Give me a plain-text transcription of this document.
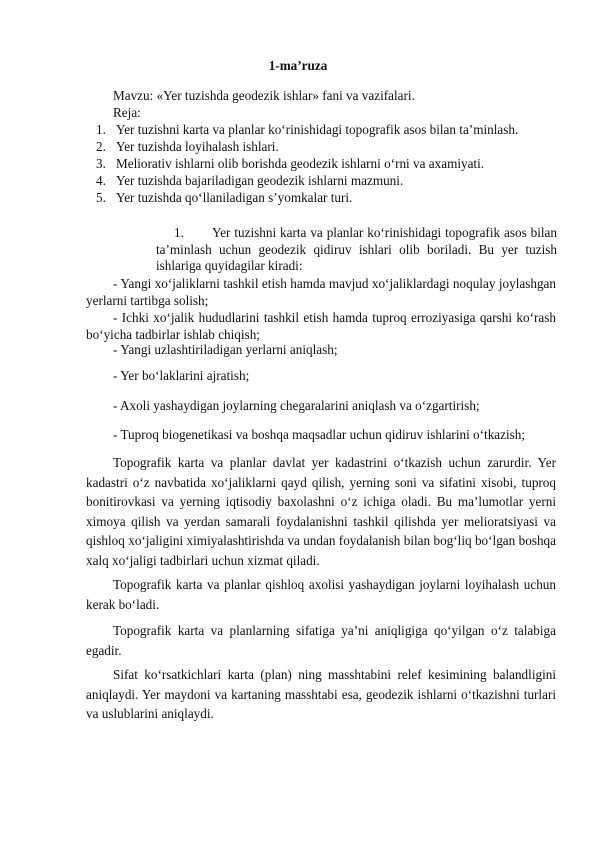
1-ma’ruza
Mavzu: «Yer tuzishda geodezik ishlar» fani va vazifalari.
Reja:
1. Yer tuzishni karta va planlar ko‘rinishidagi topografik asos bilan ta’minlash.
2. Yer tuzishda loyihalash ishlari.
3. Meliorativ ishlarni olib borishda geodezik ishlarni o‘rni va axamiyati.
4. Yer tuzishda bajariladigan geodezik ishlarni mazmuni.
5. Yer tuzishda qo‘llaniladigan s’yomkalar turi.
1. Yer tuzishni karta va planlar ko‘rinishidagi topografik asos bilan ta’minlash uchun geodezik qidiruv ishlari olib boriladi. Bu yer tuzish ishlariga quyidagilar kiradi:
- Yangi xo‘jaliklarni tashkil etish hamda mavjud xo‘jaliklardagi noqulay joylashgan yerlarni tartibga solish;
- Ichki xo‘jalik hududlarini tashkil etish hamda tuproq erroziyasiga qarshi ko‘rash bo‘yicha tadbirlar ishlab chiqish;
- Yangi uzlashtiriladigan yerlarni aniqlash;
- Yer bo‘laklarini ajratish;
- Axoli yashaydigan joylarning chegaralarini aniqlash va o‘zgartirish;
- Tuproq biogenetikasi va boshqa maqsadlar uchun qidiruv ishlarini o‘tkazish;
Topografik karta va planlar davlat yer kadastrini o‘tkazish uchun zarurdir. Yer kadastri o‘z navbatida xo‘jaliklarni qayd qilish, yerning soni va sifatini xisobi, tuproq bonitirovkasi va yerning iqtisodiy baxolashni o‘z ichiga oladi. Bu ma’lumotlar yerni ximoya qilish va yerdan samarali foydalanishni tashkil qilishda yer melioratsiyasi va qishloq xo‘jaligini ximiyalashtirishda va undan foydalanish bilan bog‘liq bo‘lgan boshqa xalq xo‘jaligi tadbirlari uchun xizmat qiladi.
Topografik karta va planlar qishloq axolisi yashaydigan joylarni loyihalash uchun kerak bo‘ladi.
Topografik karta va planlarning sifatiga ya’ni aniqligiga qo‘yilgan o‘z talabiga egadir.
Sifat ko‘rsatkichlari karta (plan) ning masshtabini relef kesimining balandligini aniqlaydi. Yer maydoni va kartaning masshtabi esa, geodezik ishlarni o‘tkazishni turlari va uslublarini aniqlaydi.
